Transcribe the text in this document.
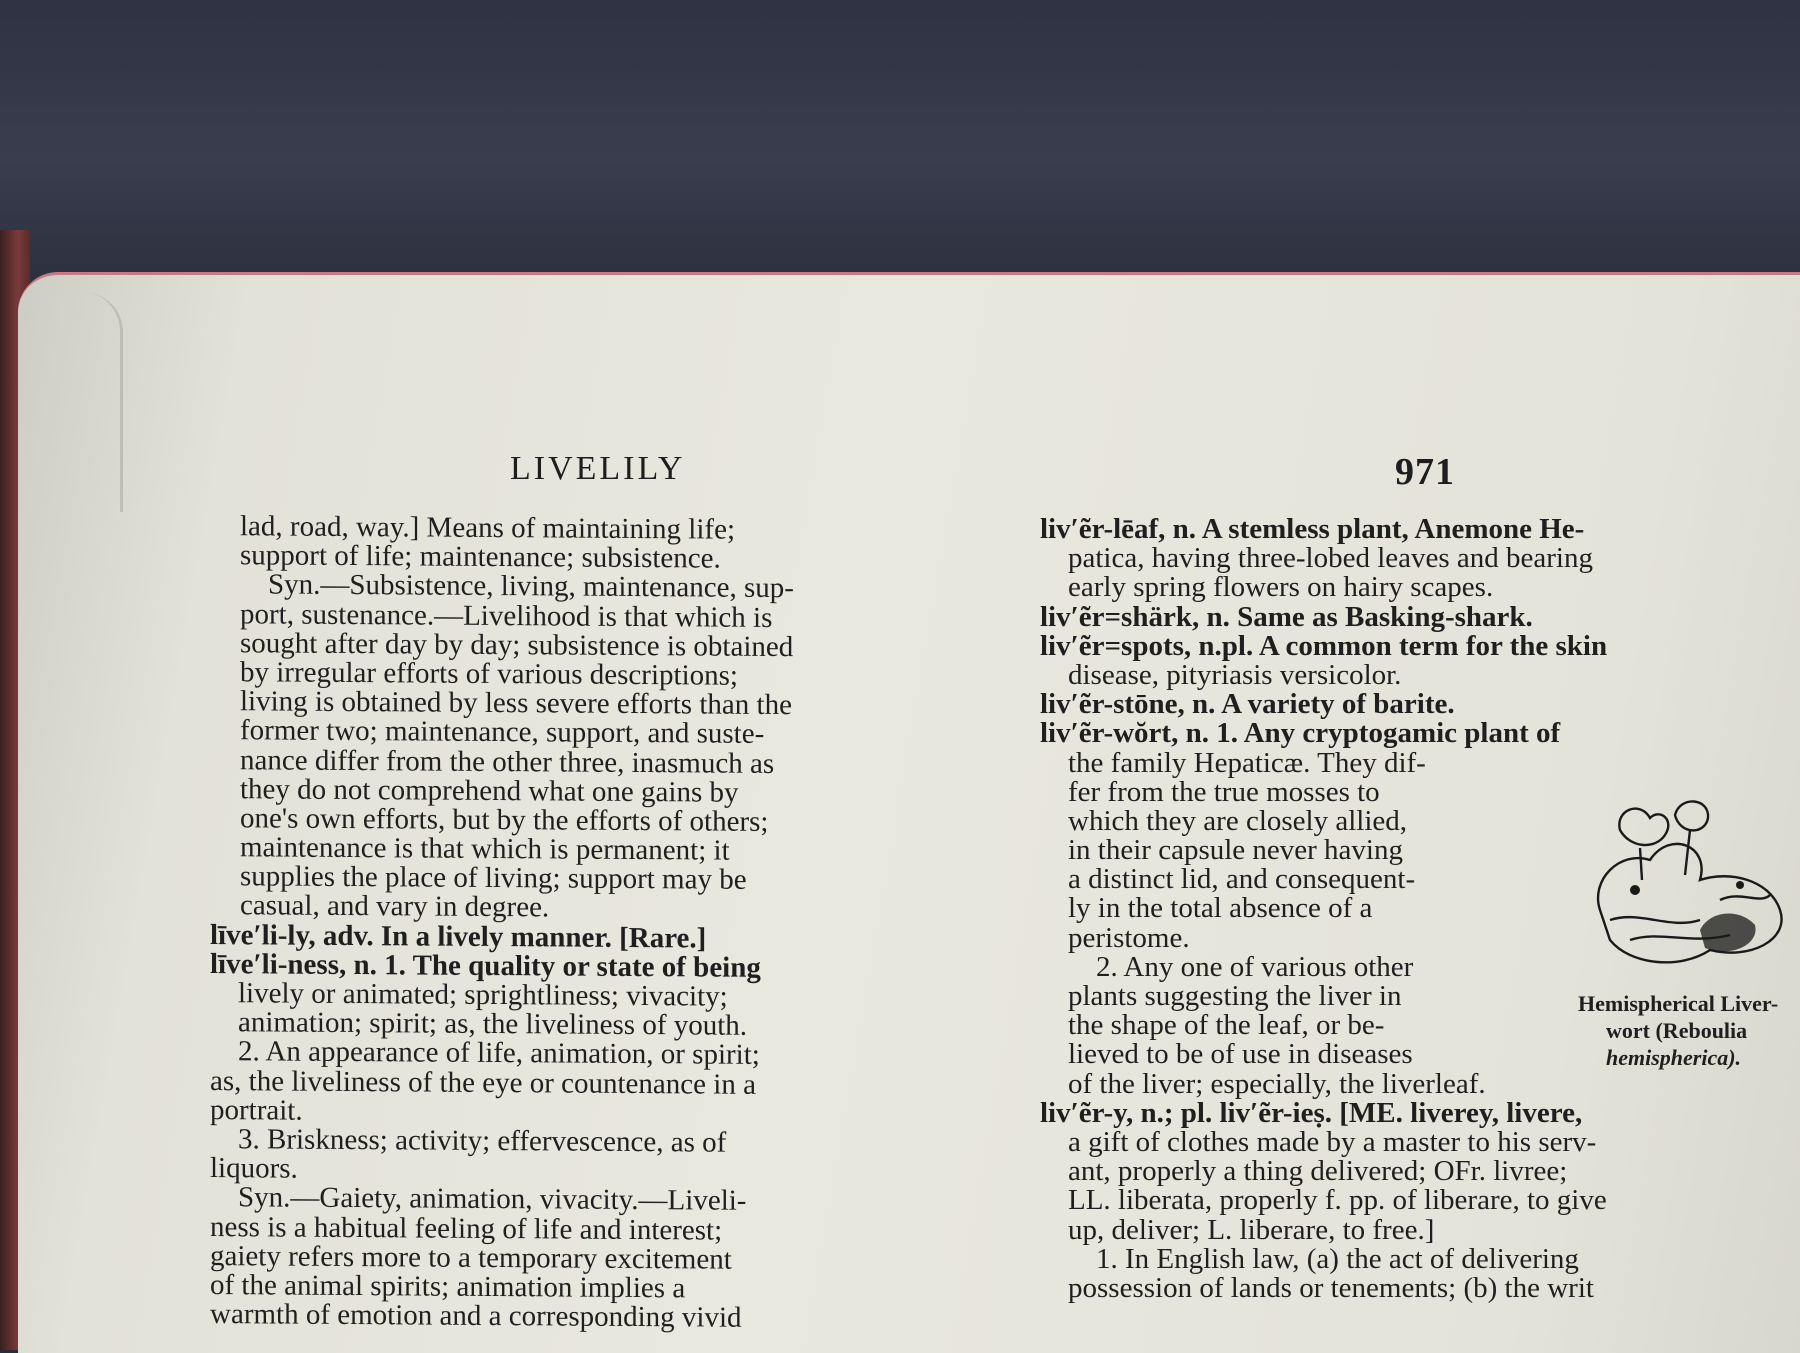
LIVELILY	971
lad, road, way.] Means of maintaining life;
support of life; maintenance; subsistence.
Syn.—Subsistence, living, maintenance, sup-
port, sustenance.—Livelihood is that which is
sought after day by day; subsistence is obtained
by irregular efforts of various descriptions;
living is obtained by less severe efforts than the
former two; maintenance, support, and suste-
nance differ from the other three, inasmuch as
they do not comprehend what one gains by
one's own efforts, but by the efforts of others;
maintenance is that which is permanent; it
supplies the place of living; support may be
casual, and vary in degree.
līve′li-ly, adv. In a lively manner. [Rare.]
līve′li-ness, n. 1. The quality or state of being
lively or animated; sprightliness; vivacity;
animation; spirit; as, the liveliness of youth.
2. An appearance of life, animation, or spirit;
as, the liveliness of the eye or countenance in a
portrait.
3. Briskness; activity; effervescence, as of
liquors.
Syn.—Gaiety, animation, vivacity.—Liveli-
ness is a habitual feeling of life and interest;
gaiety refers more to a temporary excitement
of the animal spirits; animation implies a
warmth of emotion and a corresponding vivid
liv′ẽr-lēaf, n. A stemless plant, Anemone He-
patica, having three-lobed leaves and bearing
early spring flowers on hairy scapes.
liv′ẽr=shärk, n. Same as Basking-shark.
liv′ẽr=spots, n.pl. A common term for the skin
disease, pityriasis versicolor.
liv′ẽr-stōne, n. A variety of barite.
liv′ẽr-wŏrt, n. 1. Any cryptogamic plant of
the family Hepaticæ. They dif-
fer from the true mosses to
which they are closely allied,
in their capsule never having
a distinct lid, and consequent-
ly in the total absence of a
peristome.
2. Any one of various other
plants suggesting the liver in
the shape of the leaf, or be-
lieved to be of use in diseases
of the liver; especially, the liverleaf.
liv′ẽr-y, n.; pl. liv′ẽr-ieṣ. [ME. liverey, livere,
a gift of clothes made by a master to his serv-
ant, properly a thing delivered; OFr. livree;
LL. liberata, properly f. pp. of liberare, to give
up, deliver; L. liberare, to free.]
1. In English law, (a) the act of delivering
possession of lands or tenements; (b) the writ
Hemispherical Liver-
wort (Reboulia
hemispherica).
